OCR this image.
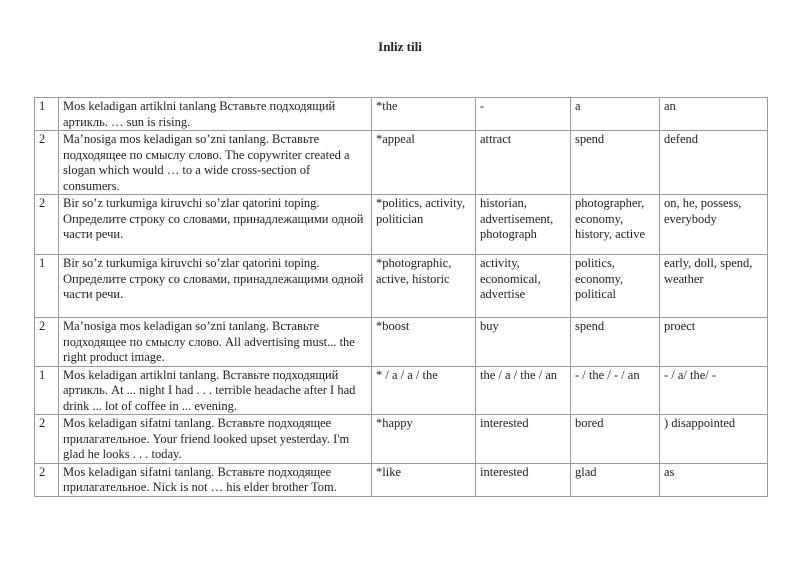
Inliz tili
1	Mos keladigan artiklni tanlang Вставьте подходящий артикль. … sun is rising.	*the	-	a	an
2	Ma’nosiga mos keladigan so’zni tanlang. Вставьте подходящее по смыслу слово. The copywriter created a slogan which would … to a wide cross-section of consumers.	*appeal	attract	spend	defend
2	Bir so’z turkumiga kiruvchi so’zlar qatorini toping. Определите строку со словами, принадлежащими одной части речи.	*politics, activity, politician	historian, advertisement, photograph	photographer, economy, history, active	on, he, possess, everybody
1	Bir so’z turkumiga kiruvchi so’zlar qatorini toping. Определите строку со словами, принадлежащими одной части речи.	*photographic, active, historic	activity, economical, advertise	politics, economy, political	early, doll, spend, weather
2	Ma’nosiga mos keladigan so’zni tanlang. Вставьте подходящее по смыслу слово. All advertising must... the right product image.	*boost	buy	spend	proect
1	Mos keladigan artiklni tanlang. Вставьте подходящий артикль. At ... night I had . . . terrible headache after I had drink ... lot of coffee in ... evening.	* / a / a / the	the / a / the / an	- / the / - / an	- / a/ the/ -
2	Mos keladigan sifatni tanlang. Вставьте подходящее прилагательное. Your friend looked upset yesterday. I'm glad he looks . . . today.	*happy	interested	bored	) disappointed
2	Mos keladigan sifatni tanlang. Вставьте подходящее прилагательное. Nick is not … his elder brother Tom.	*like	interested	glad	as
